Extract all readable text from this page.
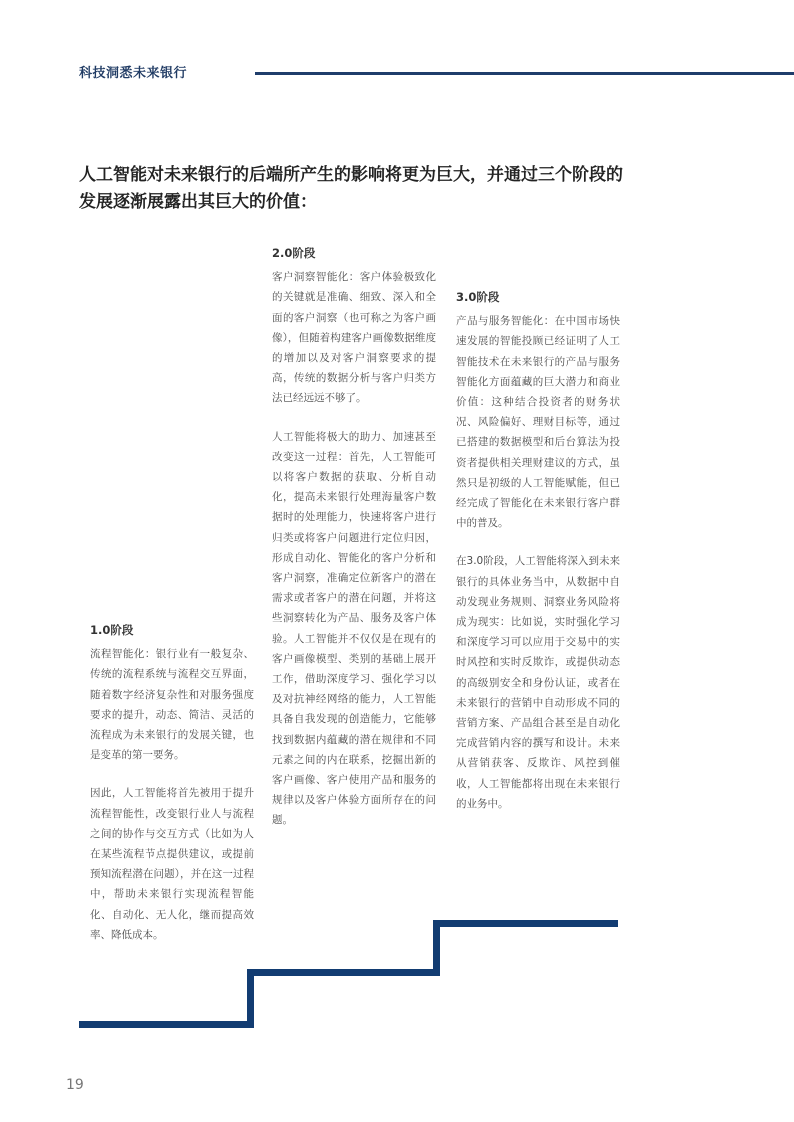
科技洞悉未来银行
人工智能对未来银行的后端所产生的影响将更为巨大，并通过三个阶段的发展逐渐展露出其巨大的价值：
2.0阶段

客户洞察智能化：客户体验极致化的关键就是准确、细致、深入和全面的客户洞察（也可称之为客户画像），但随着构建客户画像数据维度的增加以及对客户洞察要求的提高，传统的数据分析与客户归类方法已经远远不够了。

人工智能将极大的助力、加速甚至改变这一过程：首先，人工智能可以将客户数据的获取、分析自动化，提高未来银行处理海量客户数据时的处理能力，快速将客户进行归类或将客户问题进行定位归因，形成自动化、智能化的客户分析和客户洞察，准确定位新客户的潜在需求或者客户的潜在问题，并将这些洞察转化为产品、服务及客户体验。人工智能并不仅仅是在现有的客户画像模型、类别的基础上展开工作，借助深度学习、强化学习以及对抗神经网络的能力，人工智能具备自我发现的创造能力，它能够找到数据内蕴藏的潜在规律和不同元素之间的内在联系，挖掘出新的客户画像、客户使用产品和服务的规律以及客户体验方面所存在的问题。

3.0阶段

产品与服务智能化：在中国市场快速发展的智能投顾已经证明了人工智能技术在未来银行的产品与服务智能化方面蕴藏的巨大潜力和商业价值：这种结合投资者的财务状况、风险偏好、理财目标等，通过已搭建的数据模型和后台算法为投资者提供相关理财建议的方式，虽然只是初级的人工智能赋能，但已经完成了智能化在未来银行客户群中的普及。

在3.0阶段，人工智能将深入到未来银行的具体业务当中，从数据中自动发现业务规则、洞察业务风险将成为现实：比如说，实时强化学习和深度学习可以应用于交易中的实时风控和实时反欺诈，或提供动态的高级别安全和身份认证，或者在未来银行的营销中自动形成不同的营销方案、产品组合甚至是自动化完成营销内容的撰写和设计。未来从营销获客、反欺诈、风控到催收，人工智能都将出现在未来银行的业务中。

1.0阶段

流程智能化：银行业有一般复杂、传统的流程系统与流程交互界面，随着数字经济复杂性和对服务强度要求的提升，动态、简洁、灵活的流程成为未来银行的发展关键，也是变革的第一要务。

因此，人工智能将首先被用于提升流程智能性，改变银行业人与流程之间的协作与交互方式（比如为人在某些流程节点提供建议，或提前预知流程潜在问题），并在这一过程中，帮助未来银行实现流程智能化、自动化、无人化，继而提高效率、降低成本。

19
